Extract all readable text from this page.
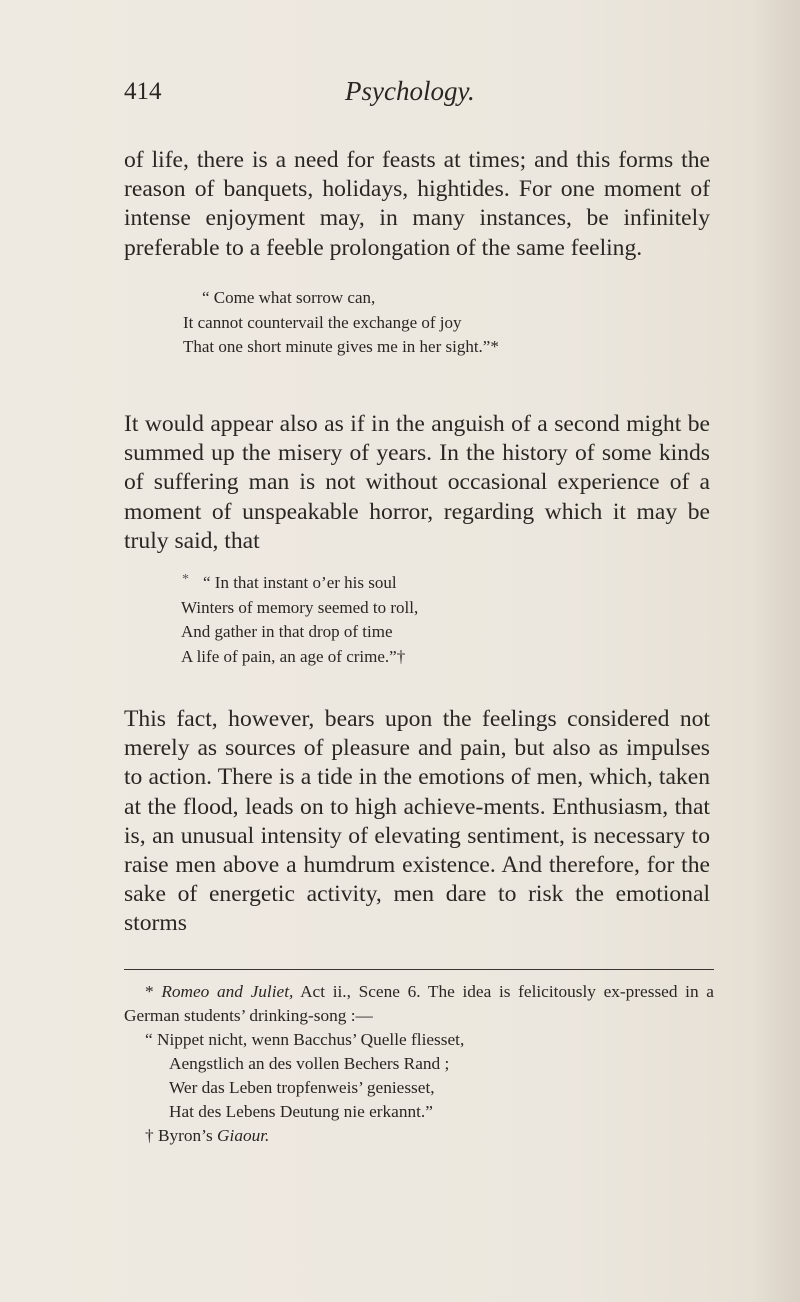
414	Psychology.

of life, there is a need for feasts at times; and this forms the reason of banquets, holidays, hightides. For one moment of intense enjoyment may, in many instances, be infinitely preferable to a feeble prolongation of the same feeling.

“ Come what sorrow can,
It cannot countervail the exchange of joy
That one short minute gives me in her sight.”*

It would appear also as if in the anguish of a second might be summed up the misery of years. In the history of some kinds of suffering man is not without occasional experience of a moment of unspeakable horror, regarding which it may be truly said, that

* “ In that instant o’er his soul
Winters of memory seemed to roll,
And gather in that drop of time
A life of pain, an age of crime.”†

This fact, however, bears upon the feelings considered not merely as sources of pleasure and pain, but also as impulses to action. There is a tide in the emotions of men, which, taken at the flood, leads on to high achieve-ments. Enthusiasm, that is, an unusual intensity of elevating sentiment, is necessary to raise men above a humdrum existence. And therefore, for the sake of energetic activity, men dare to risk the emotional storms

* Romeo and Juliet, Act ii., Scene 6. The idea is felicitously ex-pressed in a German students’ drinking-song :—

“ Nippet nicht, wenn Bacchus’ Quelle fliesset,
Aengstlich an des vollen Bechers Rand ;
Wer das Leben tropfenweis’ geniesset,
Hat des Lebens Deutung nie erkannt.”

† Byron’s Giaour.
